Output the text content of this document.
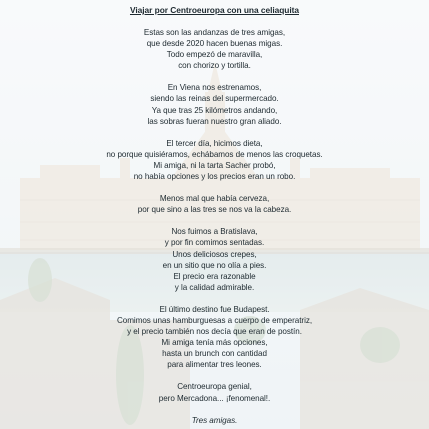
Viajar por Centroeuropa con una celiaquita
Estas son las andanzas de tres amigas,
que desde 2020 hacen buenas migas.
Todo empezó de maravilla,
con chorizo y tortilla.
En Viena nos estrenamos,
siendo las reinas del supermercado.
Ya que tras 25 kilómetros andando,
las sobras fueran nuestro gran aliado.
El tercer día, hicimos dieta,
no porque quisiéramos, echábamos de menos las croquetas.
Mi amiga, ni la tarta Sacher probó,
no había opciones y los precios eran un robo.
Menos mal que había cerveza,
por que sino a las tres se nos va la cabeza.
Nos fuimos a Bratislava,
y por fin comimos sentadas.
Unos deliciosos crepes,
en un sitio que no olía a pies.
El precio era razonable
y la calidad admirable.
El último destino fue Budapest.
Comimos unas hamburguesas a cuerpo de emperatriz,
y el precio también nos decía que eran de postín.
Mi amiga tenía más opciones,
hasta un brunch con cantidad
para alimentar tres leones.
Centroeuropa genial,
pero Mercadona... ¡fenomenal!.
Tres amigas.
